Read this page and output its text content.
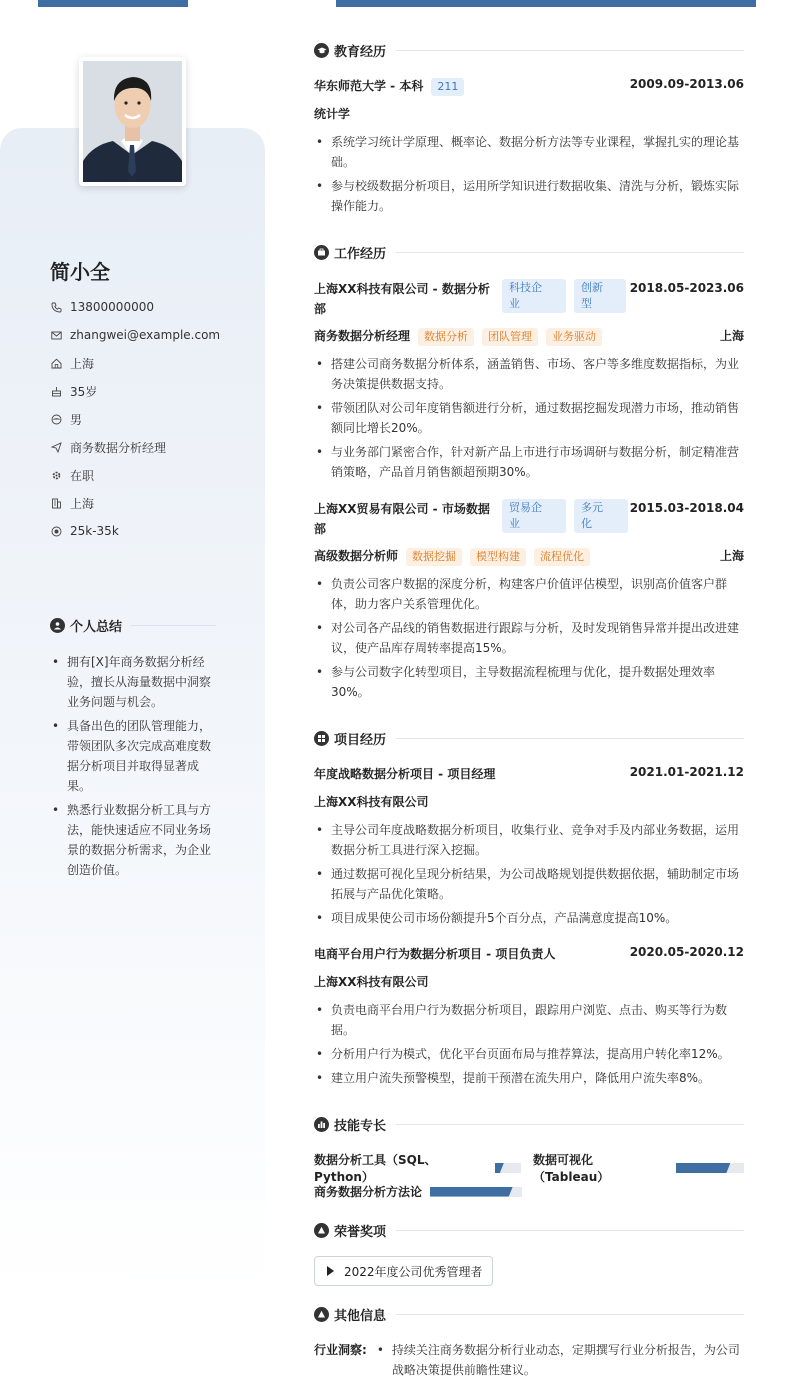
简小全
13800000000
zhangwei@example.com
上海
35岁
男
商务数据分析经理
在职
上海
25k-35k
个人总结
• 拥有[X]年商务数据分析经验，擅长从海量数据中洞察业务问题与机会。
• 具备出色的团队管理能力，带领团队多次完成高难度数据分析项目并取得显著成果。
• 熟悉行业数据分析工具与方法，能快速适应不同业务场景的数据分析需求，为企业创造价值。
教育经历
华东师范大学 - 本科 211	2009.09-2013.06
统计学
• 系统学习统计学原理、概率论、数据分析方法等专业课程，掌握扎实的理论基础。
• 参与校级数据分析项目，运用所学知识进行数据收集、清洗与分析，锻炼实际操作能力。
工作经历
上海XX科技有限公司 - 数据分析
部
科技企
业
创新
型
2018.05-2023.06
商务数据分析经理 数据分析 团队管理 业务驱动	上海
• 搭建公司商务数据分析体系，涵盖销售、市场、客户等多维度数据指标，为业务决策提供数据支持。
• 带领团队对公司年度销售额进行分析，通过数据挖掘发现潜力市场，推动销售额同比增长20%。
• 与业务部门紧密合作，针对新产品上市进行市场调研与数据分析，制定精准营销策略，产品首月销售额超预期30%。
上海XX贸易有限公司 - 市场数据
部
贸易企
业
多元
化
2015.03-2018.04
高级数据分析师 数据挖掘 模型构建 流程优化	上海
• 负责公司客户数据的深度分析，构建客户价值评估模型，识别高价值客户群体，助力客户关系管理优化。
• 对公司各产品线的销售数据进行跟踪与分析，及时发现销售异常并提出改进建议，使产品库存周转率提高15%。
• 参与公司数字化转型项目，主导数据流程梳理与优化，提升数据处理效率30%。
项目经历
年度战略数据分析项目 - 项目经理	2021.01-2021.12
上海XX科技有限公司
• 主导公司年度战略数据分析项目，收集行业、竞争对手及内部业务数据，运用数据分析工具进行深入挖掘。
• 通过数据可视化呈现分析结果，为公司战略规划提供数据依据，辅助制定市场拓展与产品优化策略。
• 项目成果使公司市场份额提升5个百分点，产品满意度提高10%。
电商平台用户行为数据分析项目 - 项目负责人	2020.05-2020.12
上海XX科技有限公司
• 负责电商平台用户行为数据分析项目，跟踪用户浏览、点击、购买等行为数据。
• 分析用户行为模式，优化平台页面布局与推荐算法，提高用户转化率12%。
• 建立用户流失预警模型，提前干预潜在流失用户，降低用户流失率8%。
技能专长
数据分析工具（SQL、Python）
数据可视化（Tableau）
商务数据分析方法论
荣誉奖项
2022年度公司优秀管理者
其他信息
行业洞察:
•	持续关注商务数据分析行业动态，定期撰写行业分析报告，为公司战略决策提供前瞻性建议。
